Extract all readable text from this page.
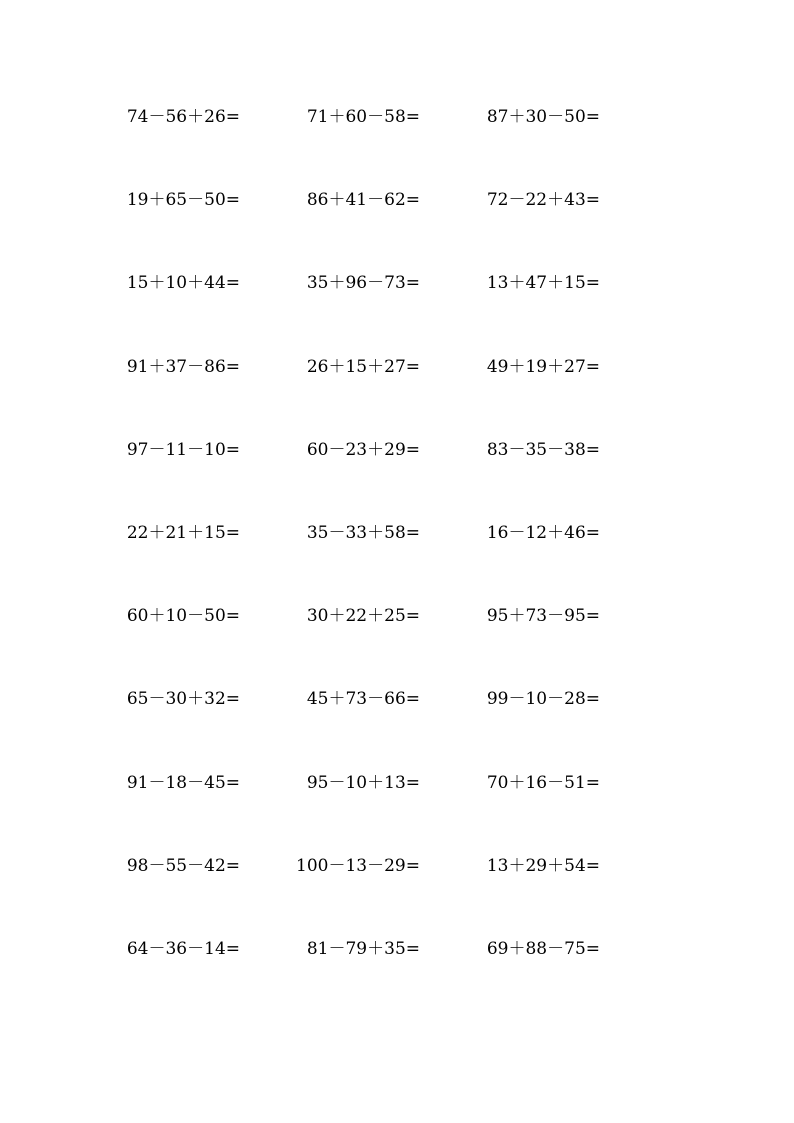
74－56＋26=	71＋60－58=	87＋30－50=
19＋65－50=	86＋41－62=	72－22＋43=
15＋10＋44=	35＋96－73=	13＋47＋15=
91＋37－86=	26＋15＋27=	49＋19＋27=
97－11－10=	60－23＋29=	83－35－38=
22＋21＋15=	35－33＋58=	16－12＋46=
60＋10－50=	30＋22＋25=	95＋73－95=
65－30＋32=	45＋73－66=	99－10－28=
91－18－45=	95－10＋13=	70＋16－51=
98－55－42=	100－13－29=	13＋29＋54=
64－36－14=	81－79＋35=	69＋88－75=
